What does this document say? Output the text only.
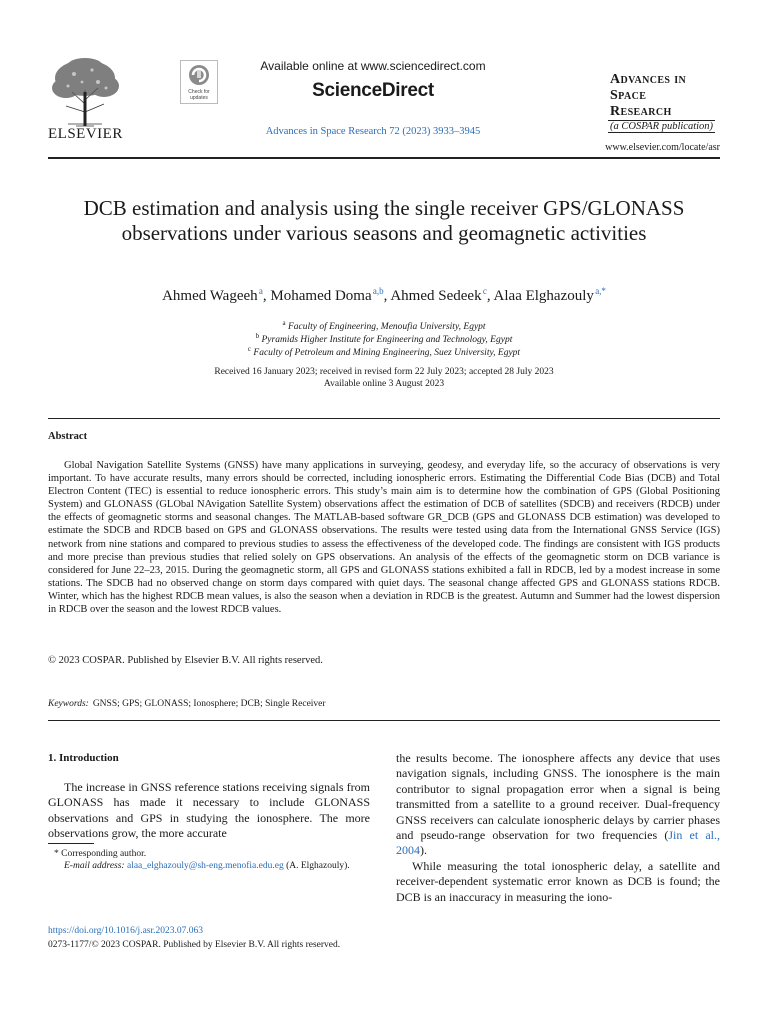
ELSEVIER
Check for
updates
Available online at www.sciencedirect.com
ScienceDirect
Advances in Space Research 72 (2023) 3933–3945
Advances in
Space
Research
(a COSPAR publication)
www.elsevier.com/locate/asr
DCB estimation and analysis using the single receiver GPS/GLONASS observations under various seasons and geomagnetic activities
Ahmed Wageeh $^a$, Mohamed Doma $^{a,b}$, Ahmed Sedeek $^c$, Alaa Elghazouly $^{a,*}$
$^a$ Faculty of Engineering, Menoufia University, Egypt
$^b$ Pyramids Higher Institute for Engineering and Technology, Egypt
$^c$ Faculty of Petroleum and Mining Engineering, Suez University, Egypt
Received 16 January 2023; received in revised form 22 July 2023; accepted 28 July 2023
Available online 3 August 2023
Abstract

Global Navigation Satellite Systems (GNSS) have many applications in surveying, geodesy, and everyday life, so the accuracy of observations is very important. To have accurate results, many errors should be corrected, including ionospheric errors. Estimating the Differential Code Bias (DCB) and Total Electron Content (TEC) is essential to reduce ionospheric errors. This study’s main aim is to determine how the combination of GPS (Global Positioning System) and GLONASS (GLObal NAvigation Satellite System) observations affect the estimation of DCB of satellites (SDCB) and receivers (RDCB) under the effects of geomagnetic storms and seasonal changes. The MATLAB-based software GR_DCB (GPS and GLONASS DCB estimation) was developed to estimate the SDCB and RDCB based on GPS and GLONASS observations. The results were tested using data from the International GNSS Service (IGS) network from nine stations and compared to previous studies to assess the effectiveness of the developed code. The findings are consistent with IGS products and more precise than previous studies that relied solely on GPS observations. An analysis of the effects of the geomagnetic storm on DCB variance is considered for June 22–23, 2015. During the geomagnetic storm, all GPS and GLONASS stations exhibited a fall in RDCB, led by a modest increase in some stations. The SDCB had no observed change on storm days compared with quiet days. The seasonal change affected GPS and GLONASS stations RDCB. Winter, which has the highest RDCB mean values, is also the season when a deviation in RDCB is the greatest. Autumn and Summer had the lowest dispersion in RDCB over the season and the lowest RDCB values.

© 2023 COSPAR. Published by Elsevier B.V. All rights reserved.
Keywords: GNSS; GPS; GLONASS; Ionosphere; DCB; Single Receiver
1. Introduction

The increase in GNSS reference stations receiving signals from GLONASS has made it necessary to include GLONASS observations and GPS in studying the ionosphere. The more observations grow, the more accurate

the results become. The ionosphere affects any device that uses navigation signals, including GNSS. The ionosphere is the main contributor to signal propagation error when a signal is being transmitted from a satellite to a ground receiver. Dual-frequency GNSS receivers can calculate ionospheric delays by carrier phases and pseudo-range observation for two frequencies (Jin et al., 2004).

While measuring the total ionospheric delay, a satellite and receiver-dependent systematic error known as DCB is found; the DCB is an inaccuracy in measuring the iono-

* Corresponding author.
E-mail address: alaa_elghazouly@sh-eng.menofia.edu.eg (A. Elghazouly).
https://doi.org/10.1016/j.asr.2023.07.063
0273-1177/© 2023 COSPAR. Published by Elsevier B.V. All rights reserved.
